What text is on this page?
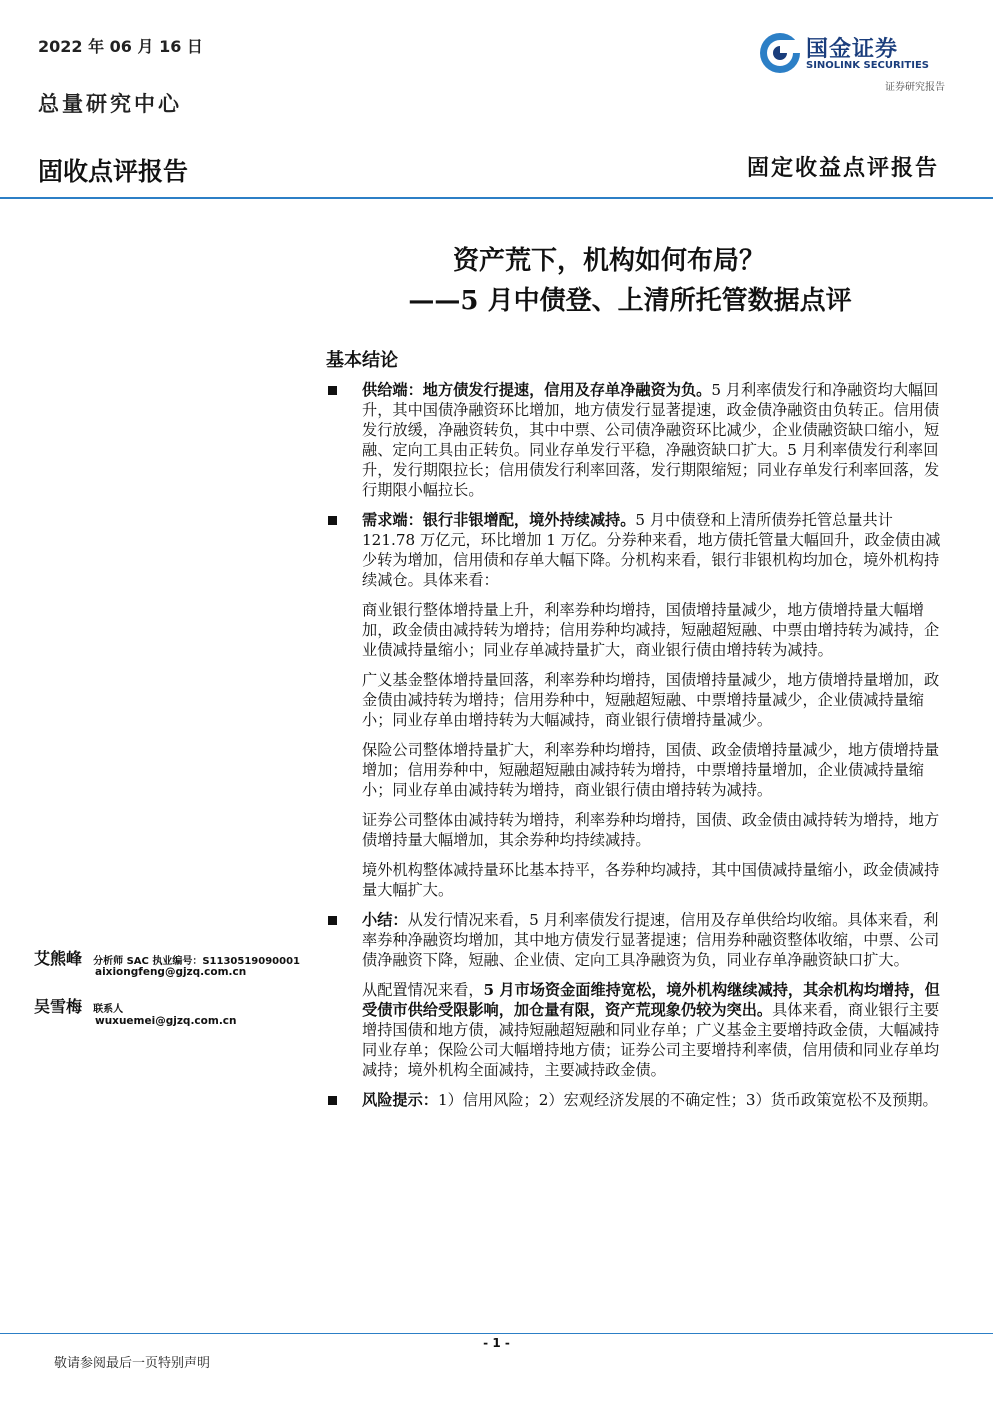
2022 年 06 月 16 日
总量研究中心
固收点评报告	固定收益点评报告
国金证券
SINOLINK SECURITIES
证券研究报告
资产荒下，机构如何布局？
——5 月中债登、上清所托管数据点评
基本结论
供给端：地方债发行提速，信用及存单净融资为负。5 月利率债发行和净融资均大幅回升，其中国债净融资环比增加，地方债发行显著提速，政金债净融资由负转正。信用债发行放缓，净融资转负，其中中票、公司债净融资环比减少，企业债融资缺口缩小，短融、定向工具由正转负。同业存单发行平稳，净融资缺口扩大。5 月利率债发行利率回升，发行期限拉长；信用债发行利率回落，发行期限缩短；同业存单发行利率回落，发行期限小幅拉长。
需求端：银行非银增配，境外持续减持。5 月中债登和上清所债券托管总量共计 121.78 万亿元，环比增加 1 万亿。分券种来看，地方债托管量大幅回升，政金债由减少转为增加，信用债和存单大幅下降。分机构来看，银行非银机构均加仓，境外机构持续减仓。具体来看：
商业银行整体增持量上升，利率券种均增持，国债增持量减少，地方债增持量大幅增加，政金债由减持转为增持；信用券种均减持，短融超短融、中票由增持转为减持，企业债减持量缩小；同业存单减持量扩大，商业银行债由增持转为减持。
广义基金整体增持量回落，利率券种均增持，国债增持量减少，地方债增持量增加，政金债由减持转为增持；信用券种中，短融超短融、中票增持量减少，企业债减持量缩小；同业存单由增持转为大幅减持，商业银行债增持量减少。
保险公司整体增持量扩大，利率券种均增持，国债、政金债增持量减少，地方债增持量增加；信用券种中，短融超短融由减持转为增持，中票增持量增加，企业债减持量缩小；同业存单由减持转为增持，商业银行债由增持转为减持。
证券公司整体由减持转为增持，利率券种均增持，国债、政金债由减持转为增持，地方债增持量大幅增加，其余券种均持续减持。
境外机构整体减持量环比基本持平，各券种均减持，其中国债减持量缩小，政金债减持量大幅扩大。
小结：从发行情况来看，5 月利率债发行提速，信用及存单供给均收缩。具体来看，利率券种净融资均增加，其中地方债发行显著提速；信用券种融资整体收缩，中票、公司债净融资下降，短融、企业债、定向工具净融资为负，同业存单净融资缺口扩大。
从配置情况来看，5 月市场资金面维持宽松，境外机构继续减持，其余机构均增持，但受债市供给受限影响，加仓量有限，资产荒现象仍较为突出。具体来看，商业银行主要增持国债和地方债，减持短融超短融和同业存单；广义基金主要增持政金债，大幅减持同业存单；保险公司大幅增持地方债；证券公司主要增持利率债，信用债和同业存单均减持；境外机构全面减持，主要减持政金债。
风险提示：1）信用风险；2）宏观经济发展的不确定性；3）货币政策宽松不及预期。
艾熊峰 分析师 SAC 执业编号：S1130519090001
aixiongfeng@gjzq.com.cn
吴雪梅 联系人
wuxuemei@gjzq.com.cn
- 1 -
敬请参阅最后一页特别声明
